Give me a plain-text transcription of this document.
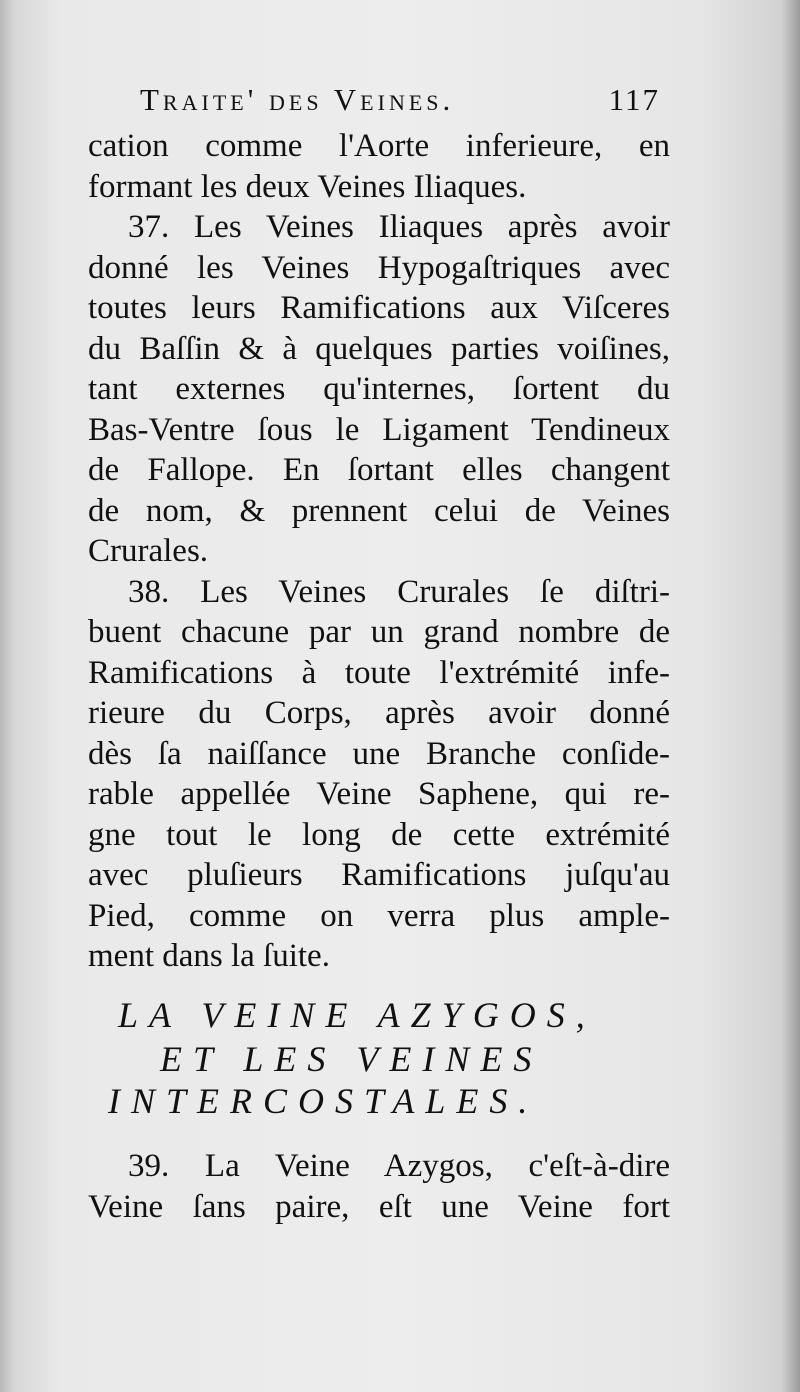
Traite' des Veines.	117
cation comme l'Aorte inferieure, en
formant les deux Veines Iliaques.
37. Les Veines Iliaques après avoir
donné les Veines Hypogaſtriques avec
toutes leurs Ramifications aux Viſceres
du Baſſin & à quelques parties voiſines,
tant externes qu'internes, ſortent du
Bas-Ventre ſous le Ligament Tendineux
de Fallope. En ſortant elles changent
de nom, & prennent celui de Veines
Crurales.
38. Les Veines Crurales ſe diſtri-
buent chacune par un grand nombre de
Ramifications à toute l'extrémité infe-
rieure du Corps, après avoir donné
dès ſa naiſſance une Branche conſide-
rable appellée Veine Saphene, qui re-
gne tout le long de cette extrémité
avec pluſieurs Ramifications juſqu'au
Pied, comme on verra plus ample-
ment dans la ſuite.
LA VEINE AZYGOS,
ET LES VEINES
INTERCOSTALES.
39. La Veine Azygos, c'eſt-à-dire
Veine ſans paire, eſt une Veine fort
